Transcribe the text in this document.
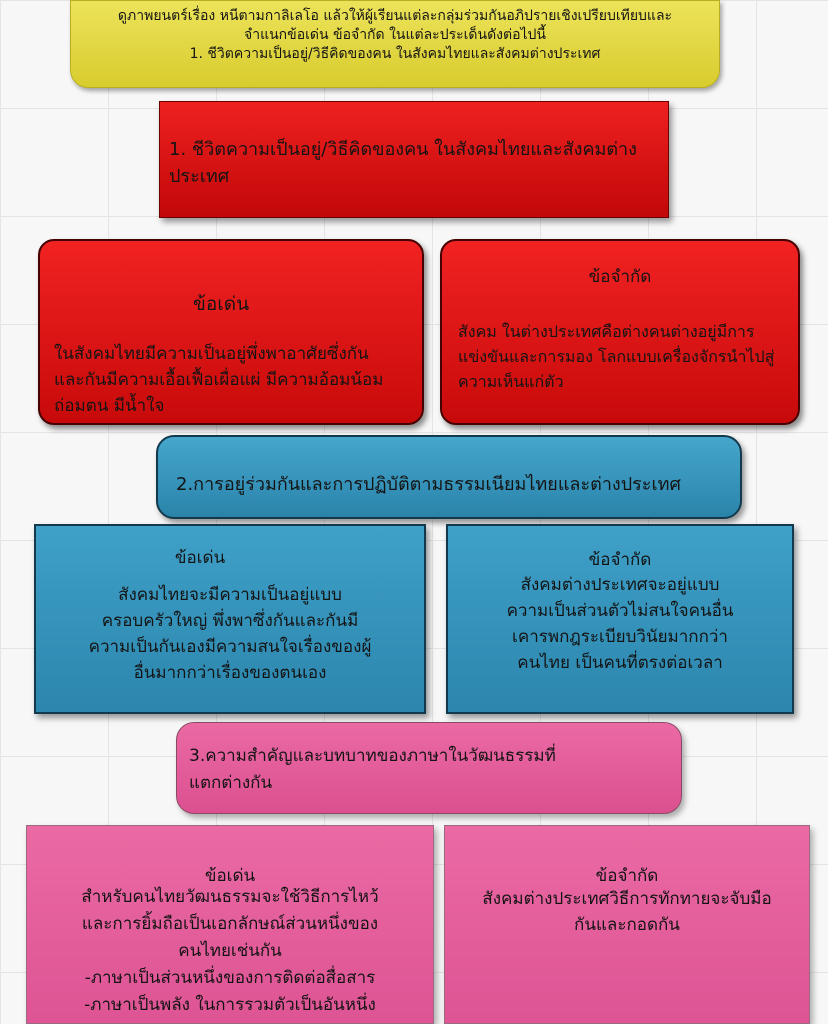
ดูภาพยนตร์เรื่อง หนีตามกาลิเลโอ แล้วให้ผู้เรียนแต่ละกลุ่มร่วมกันอภิปรายเชิงเปรียบเทียบและ
จำแนกข้อเด่น ข้อจำกัด ในแต่ละประเด็นดังต่อไปนี้
1. ชีวิตความเป็นอยู่/วิธีคิดของคน ในสังคมไทยและสังคมต่างประเทศ
1. ชีวิตความเป็นอยู่/วิธีคิดของคน ในสังคมไทยและสังคมต่างประเทศ
ข้อเด่น
ในสังคมไทยมีความเป็นอยู่พึ่งพาอาศัยซึ่งกัน
และกันมีความเอื้อเฟื้อเผื่อแผ่ มีความอ้อมน้อม
ถ่อมตน มีน้ำใจ
ข้อจำกัด
สังคม ในต่างประเทศคือต่างคนต่างอยู่มีการ
แข่งขันและการมอง โลกแบบเครื่องจักรนำไปสู่
ความเห็นแก่ตัว
2.การอยู่ร่วมกันและการปฏิบัติตามธรรมเนียมไทยและต่างประเทศ
ข้อเด่น
สังคมไทยจะมีความเป็นอยู่แบบ
ครอบครัวใหญ่ พึ่งพาซึ่งกันและกันมี
ความเป็นกันเองมีความสนใจเรื่องของผู้
อื่นมากกว่าเรื่องของตนเอง
ข้อจำกัด
สังคมต่างประเทศจะอยู่แบบ
ความเป็นส่วนตัวไม่สนใจคนอื่น
เคารพกฎระเบียบวินัยมากกว่า
คนไทย เป็นคนที่ตรงต่อเวลา
3.ความสำคัญและบทบาทของภาษาในวัฒนธรรมที่
แตกต่างกัน
ข้อเด่น
สำหรับคนไทยวัฒนธรรมจะใช้วิธีการไหว้
และการยิ้มถือเป็นเอกลักษณ์ส่วนหนึ่งของ
คนไทยเช่นกัน
-ภาษาเป็นส่วนหนึ่งของการติดต่อสื่อสาร
-ภาษาเป็นพลัง ในการรวมตัวเป็นอันหนึ่ง
ข้อจำกัด
สังคมต่างประเทศวิธีการทักทายจะจับมือ
กันและกอดกัน
